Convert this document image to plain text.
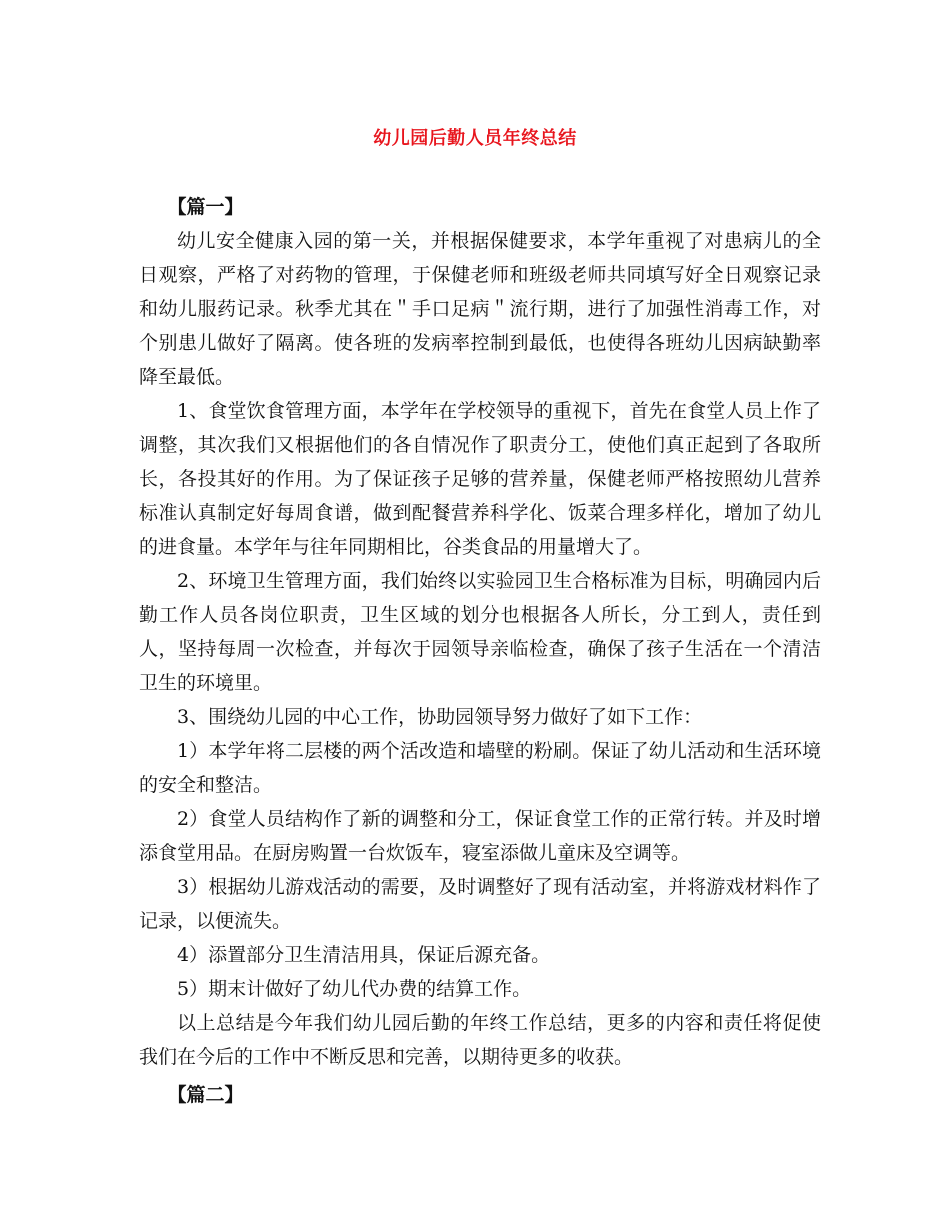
幼儿园后勤人员年终总结

【篇一】

幼儿安全健康入园的第一关，并根据保健要求，本学年重视了对患病儿的全日观察，严格了对药物的管理，于保健老师和班级老师共同填写好全日观察记录和幼儿服药记录。秋季尤其在＂手口足病＂流行期，进行了加强性消毒工作，对个别患儿做好了隔离。使各班的发病率控制到最低，也使得各班幼儿因病缺勤率降至最低。

1、食堂饮食管理方面，本学年在学校领导的重视下，首先在食堂人员上作了调整，其次我们又根据他们的各自情况作了职责分工，使他们真正起到了各取所长，各投其好的作用。为了保证孩子足够的营养量，保健老师严格按照幼儿营养标准认真制定好每周食谱，做到配餐营养科学化、饭菜合理多样化，增加了幼儿的进食量。本学年与往年同期相比，谷类食品的用量增大了。

2、环境卫生管理方面，我们始终以实验园卫生合格标准为目标，明确园内后勤工作人员各岗位职责，卫生区域的划分也根据各人所长，分工到人，责任到人，坚持每周一次检查，并每次于园领导亲临检查，确保了孩子生活在一个清洁卫生的环境里。

3、围绕幼儿园的中心工作，协助园领导努力做好了如下工作：

1）本学年将二层楼的两个活改造和墙壁的粉刷。保证了幼儿活动和生活环境的安全和整洁。

2）食堂人员结构作了新的调整和分工，保证食堂工作的正常行转。并及时增添食堂用品。在厨房购置一台炊饭车，寝室添做儿童床及空调等。

3）根据幼儿游戏活动的需要，及时调整好了现有活动室，并将游戏材料作了记录，以便流失。

4）添置部分卫生清洁用具，保证后源充备。

5）期末计做好了幼儿代办费的结算工作。

以上总结是今年我们幼儿园后勤的年终工作总结，更多的内容和责任将促使我们在今后的工作中不断反思和完善，以期待更多的收获。

【篇二】
